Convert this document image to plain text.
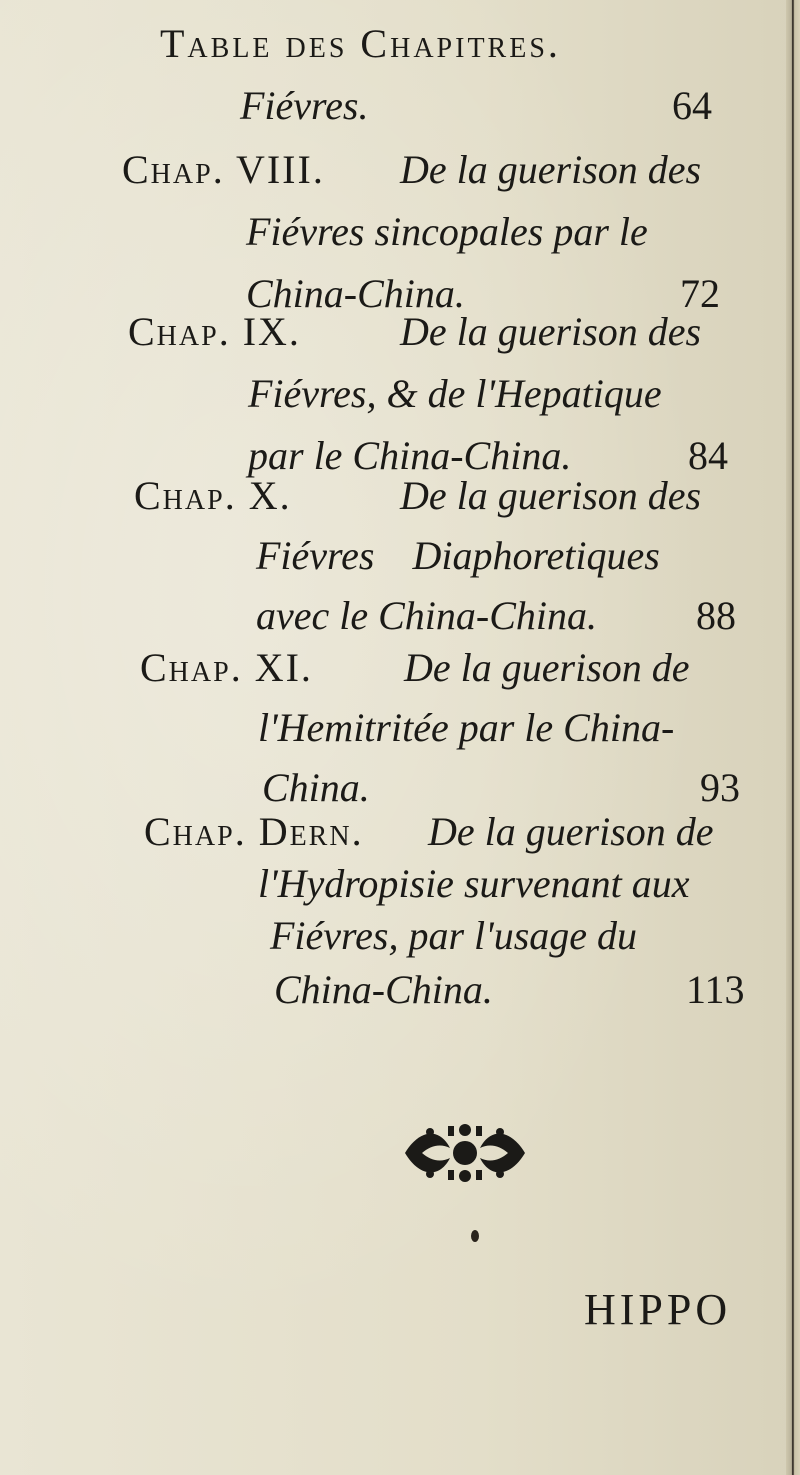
Table des Chapitres.
Fiévres.	64
Chap. VIII. De la guerison des
Fiévres sincopales par le
China-China.	72
Chap. IX. De la guerison des
Fiévres, & de l'Hepatique
par le China-China.	84
Chap. X.	De la guerison des
Fiévres Diaphoretiques
avec le China-China. 88
Chap. XI. De la guerison de
l'Hemitritée par le China-
China.	93
Chap. Dern. De la guerison de
l'Hydropisie survenant aux
Fiévres, par l'usage du
China-China.	113
HIPPO
